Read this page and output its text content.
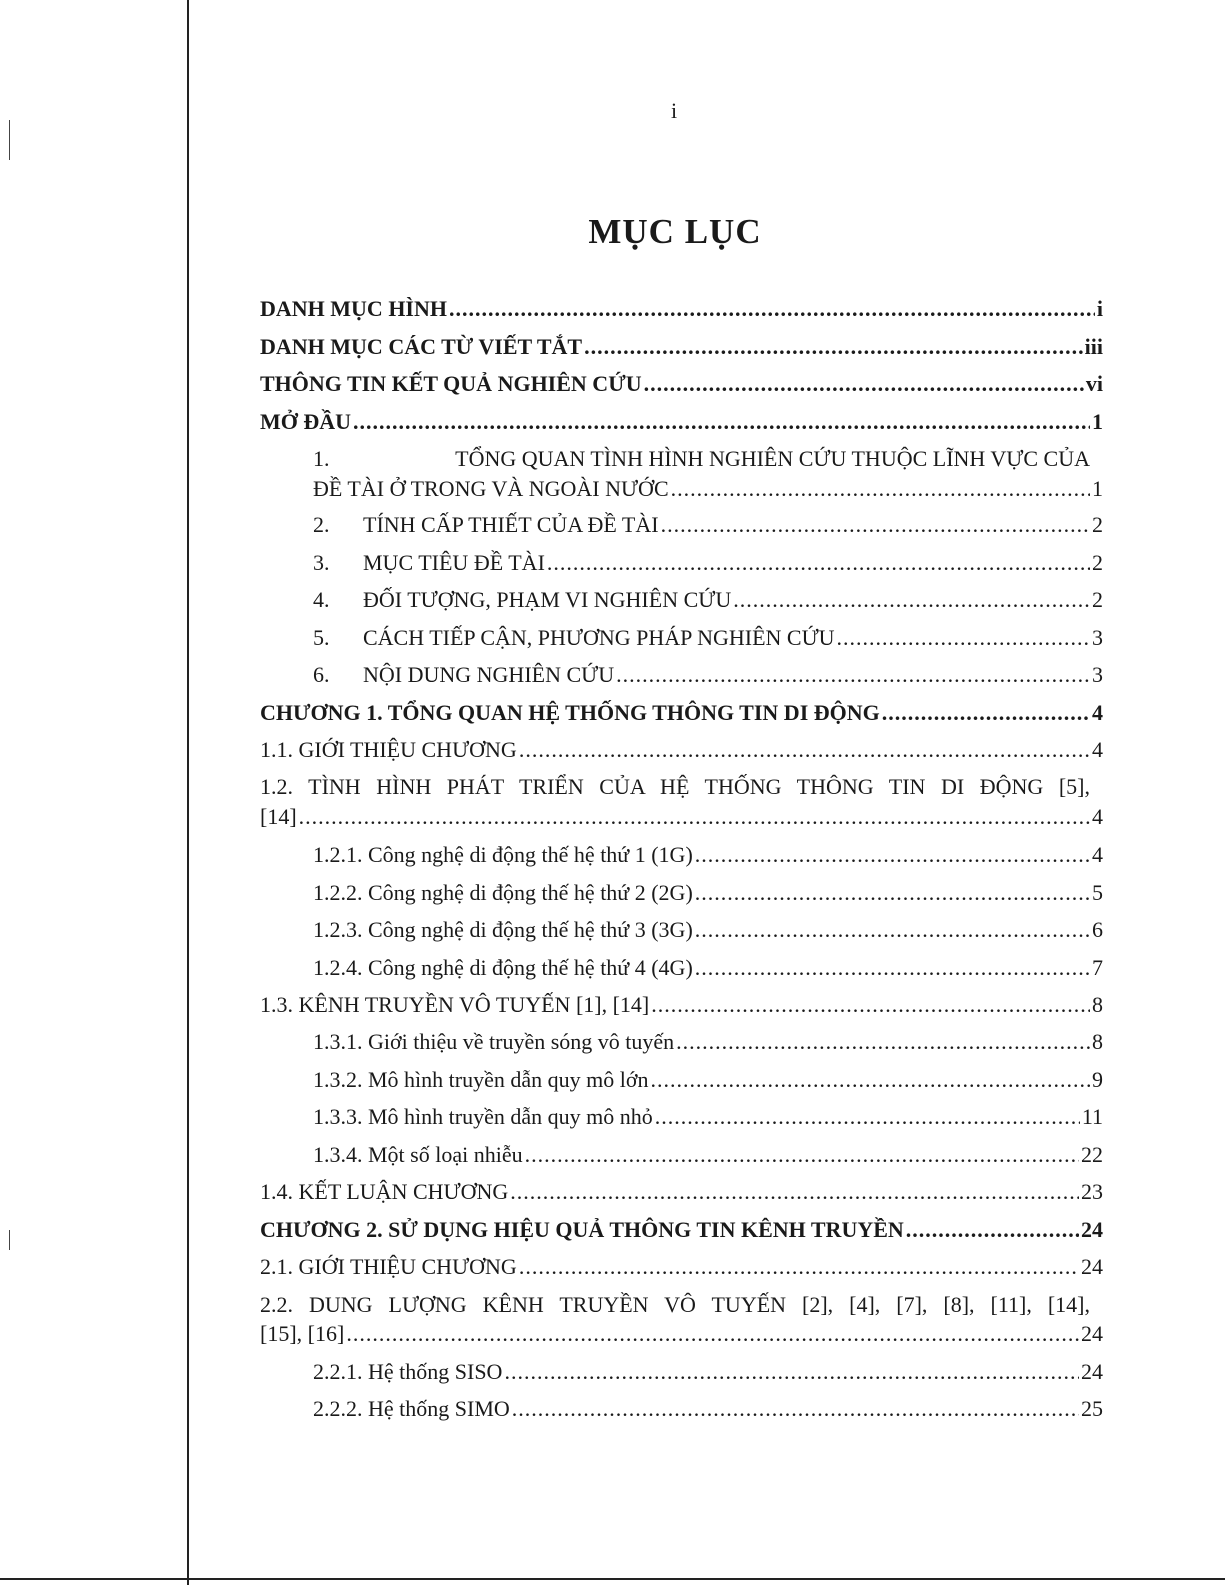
i
MỤC LỤC
DANH MỤC HÌNH .....	i
DANH MỤC CÁC TỪ VIẾT TẮT .....	iii
THÔNG TIN KẾT QUẢ NGHIÊN CỨU .....	vi
MỞ ĐẦU .....	1
1.	TỔNG QUAN TÌNH HÌNH NGHIÊN CỨU THUỘC LĨNH VỰC CỦA
ĐỀ TÀI Ở TRONG VÀ NGOÀI NƯỚC .....	1
2. TÍNH CẤP THIẾT CỦA ĐỀ TÀI .....	2
3. MỤC TIÊU ĐỀ TÀI .....	2
4. ĐỐI TƯỢNG, PHẠM VI NGHIÊN CỨU .....	2
5. CÁCH TIẾP CẬN, PHƯƠNG PHÁP NGHIÊN CỨU .....	3
6. NỘI DUNG NGHIÊN CỨU .....	3
CHƯƠNG 1. TỔNG QUAN HỆ THỐNG THÔNG TIN DI ĐỘNG .....	4
1.1. GIỚI THIỆU CHƯƠNG .....	4
1.2. TÌNH HÌNH PHÁT TRIỂN CỦA HỆ THỐNG THÔNG TIN DI ĐỘNG [5],
[14] .....	4
1.2.1. Công nghệ di động thế hệ thứ 1 (1G) .....	4
1.2.2. Công nghệ di động thế hệ thứ 2 (2G) .....	5
1.2.3. Công nghệ di động thế hệ thứ 3 (3G) .....	6
1.2.4. Công nghệ di động thế hệ thứ 4 (4G) .....	7
1.3. KÊNH TRUYỀN VÔ TUYẾN [1], [14] .....	8
1.3.1. Giới thiệu về truyền sóng vô tuyến .....	8
1.3.2. Mô hình truyền dẫn quy mô lớn .....	9
1.3.3. Mô hình truyền dẫn quy mô nhỏ .....	11
1.3.4. Một số loại nhiễu .....	22
1.4. KẾT LUẬN CHƯƠNG .....	23
CHƯƠNG 2. SỬ DỤNG HIỆU QUẢ THÔNG TIN KÊNH TRUYỀN .....	24
2.1. GIỚI THIỆU CHƯƠNG .....	24
2.2. DUNG LƯỢNG KÊNH TRUYỀN VÔ TUYẾN [2], [4], [7], [8], [11], [14],
[15], [16] .....	24
2.2.1. Hệ thống SISO .....	24
2.2.2. Hệ thống SIMO .....	25
